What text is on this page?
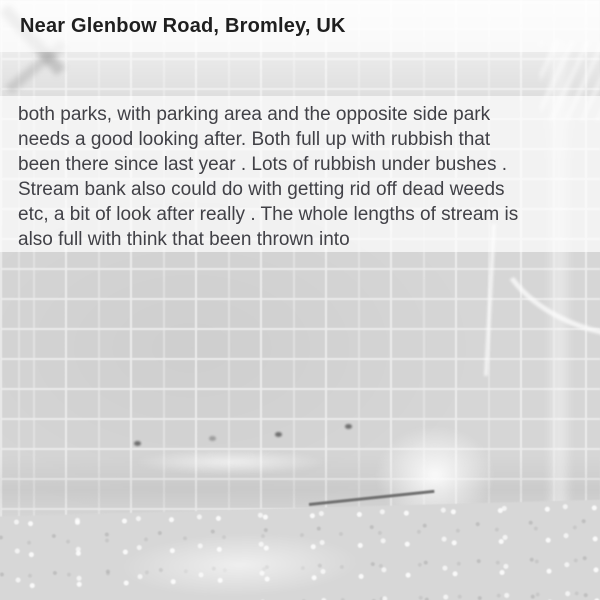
Near Glenbow Road, Bromley, UK
both parks, with parking area and the opposite side park
needs a good looking after. Both full up with rubbish that
been there since last year . Lots of rubbish under bushes .
Stream bank also could do with getting rid off dead weeds
etc, a bit of look after really . The whole lengths of stream is
also full with think that been thrown into
